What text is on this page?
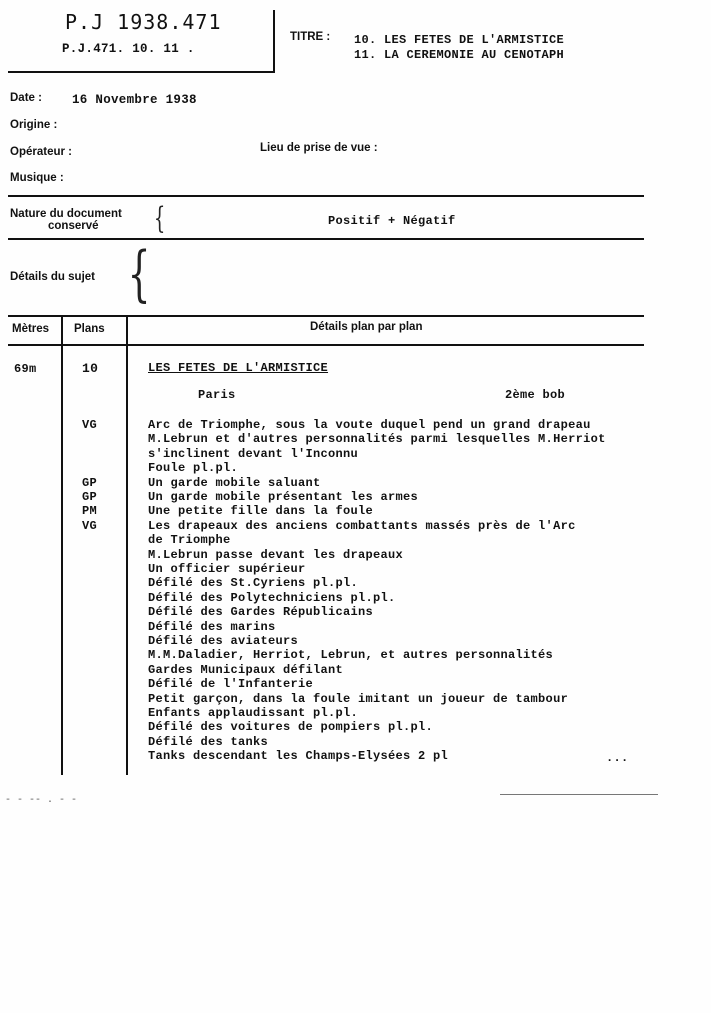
P.J 1938.471
P.J.471. 10. 11 .
TITRE : 10. LES FETES DE L'ARMISTICE
11. LA CEREMONIE AU CENOTAPH
Date : 16 Novembre 1938
Origine :
Opérateur :	Lieu de prise de vue :
Musique :
Nature du document
conservé {	Positif + Négatif
Détails du sujet {
Mètres Plans	Détails plan par plan
69m	10	LES FETES DE L'ARMISTICE
Paris	2ème bob
VG	Arc de Triomphe, sous la voute duquel pend un grand drapeau
M.Lebrun et d'autres personnalités parmi lesquelles M.Herriot
s'inclinent devant l'Inconnu
Foule pl.pl.
GP	Un garde mobile saluant
GP	Un garde mobile présentant les armes
PM	Une petite fille dans la foule
VG	Les drapeaux des anciens combattants massés près de l'Arc
de Triomphe
M.Lebrun passe devant les drapeaux
Un officier supérieur
Défilé des St.Cyriens pl.pl.
Défilé des Polytechniciens pl.pl.
Défilé des Gardes Républicains
Défilé des marins
Défilé des aviateurs
M.M.Daladier, Herriot, Lebrun, et autres personnalités
Gardes Municipaux défilant
Défilé de l'Infanterie
Petit garçon, dans la foule imitant un joueur de tambour
Enfants applaudissant pl.pl.
Défilé des voitures de pompiers pl.pl.
Défilé des tanks
Tanks descendant les Champs-Elysées 2 pl	...
- - -- . - -
